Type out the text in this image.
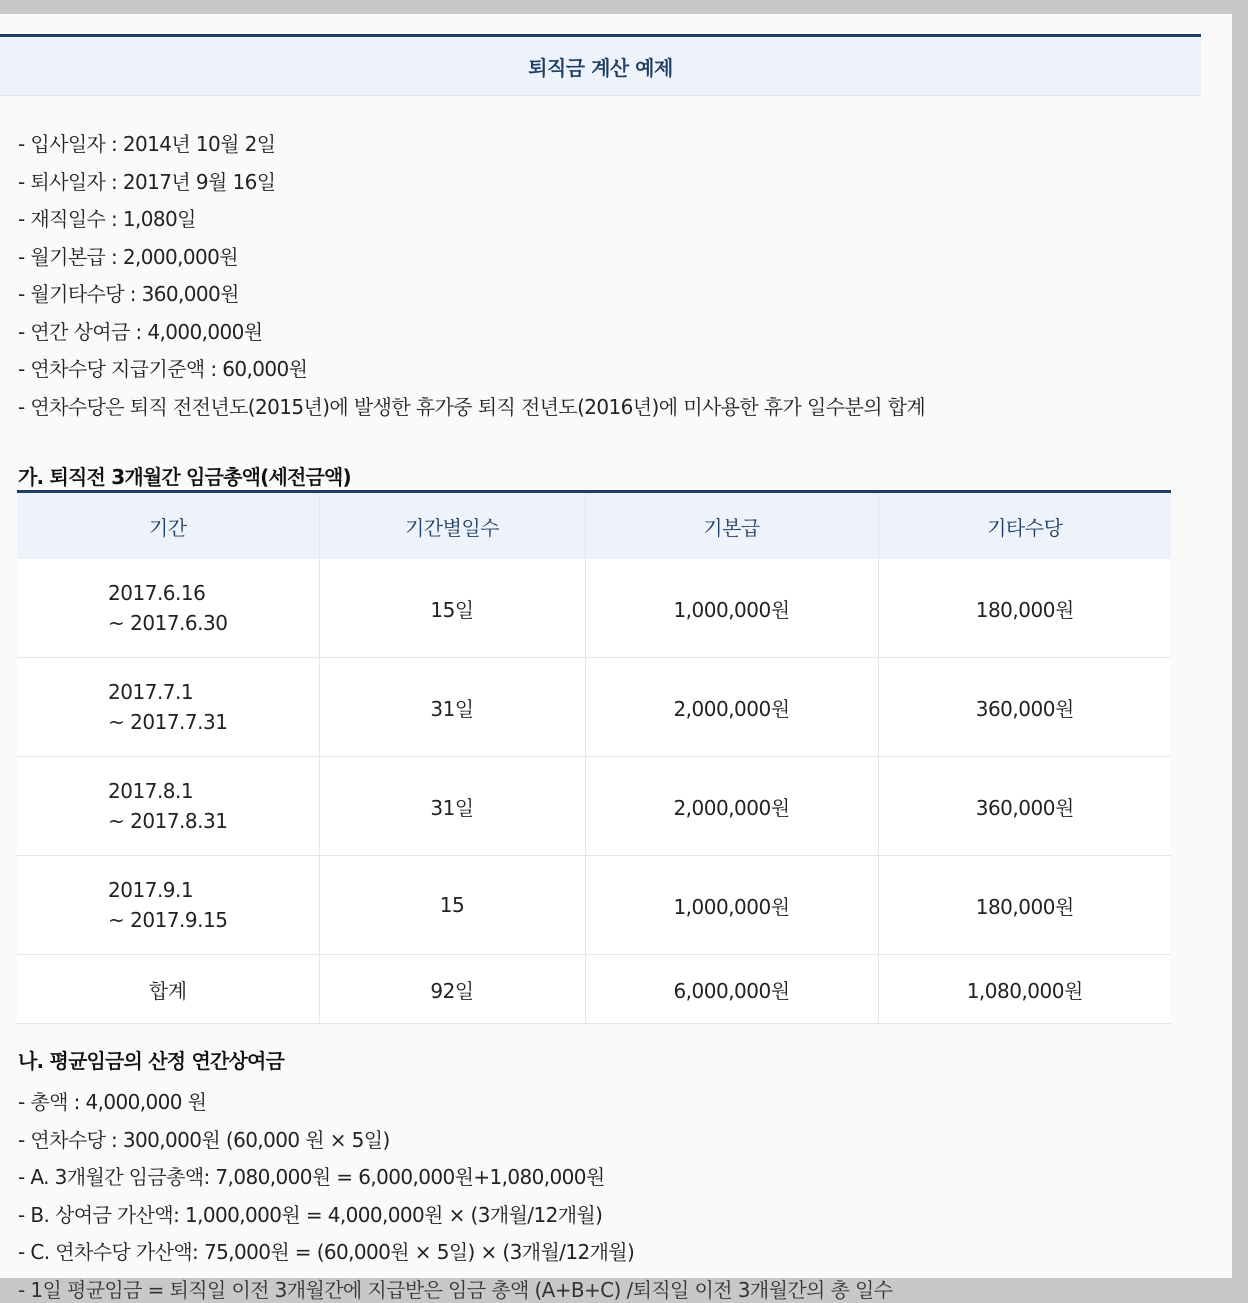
퇴직금 계산 예제
- 입사일자 : 2014년 10월 2일
- 퇴사일자 : 2017년 9월 16일
- 재직일수 : 1,080일
- 월기본급 : 2,000,000원
- 월기타수당 : 360,000원
- 연간 상여금 : 4,000,000원
- 연차수당 지급기준액 : 60,000원
- 연차수당은 퇴직 전전년도(2015년)에 발생한 휴가중 퇴직 전년도(2016년)에 미사용한 휴가 일수분의 합계
가. 퇴직전 3개월간 임금총액(세전금액)
기간	기간별일수	기본급	기타수당
2017.6.16
~ 2017.6.30	15일	1,000,000원	180,000원
2017.7.1
~ 2017.7.31	31일	2,000,000원	360,000원
2017.8.1
~ 2017.8.31	31일	2,000,000원	360,000원
2017.9.1
~ 2017.9.15	15	1,000,000원	180,000원
합계	92일	6,000,000원	1,080,000원
나. 평균임금의 산정 연간상여금
- 총액 : 4,000,000 원
- 연차수당 : 300,000원 (60,000 원 × 5일)
- A. 3개월간 임금총액: 7,080,000원 = 6,000,000원+1,080,000원
- B. 상여금 가산액: 1,000,000원 = 4,000,000원 × (3개월/12개월)
- C. 연차수당 가산액: 75,000원 = (60,000원 × 5일) × (3개월/12개월)
- 1일 평균임금 = 퇴직일 이전 3개월간에 지급받은 임금 총액 (A+B+C) /퇴직일 이전 3개월간의 총 일수
